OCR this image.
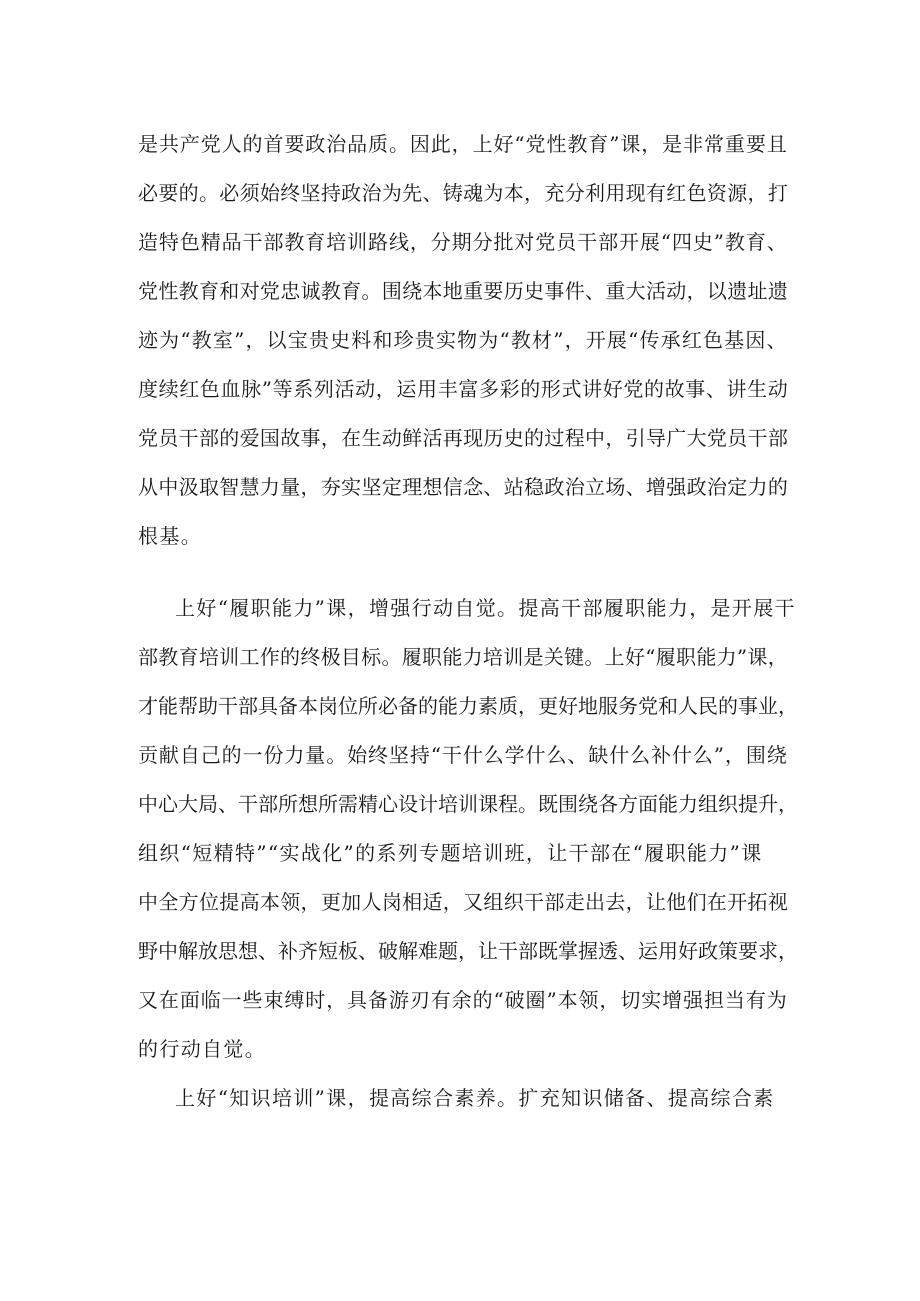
是共产党人的首要政治品质。因此，上好“党性教育”课，是非常重要且
必要的。必须始终坚持政治为先、铸魂为本，充分利用现有红色资源，打
造特色精品干部教育培训路线，分期分批对党员干部开展“四史”教育、
党性教育和对党忠诚教育。围绕本地重要历史事件、重大活动，以遗址遗
迹为“教室”，以宝贵史料和珍贵实物为“教材”，开展“传承红色基因、
度续红色血脉”等系列活动，运用丰富多彩的形式讲好党的故事、讲生动
党员干部的爱国故事，在生动鲜活再现历史的过程中，引导广大党员干部
从中汲取智慧力量，夯实坚定理想信念、站稳政治立场、增强政治定力的
根基。
上好“履职能力”课，增强行动自觉。提高干部履职能力，是开展干
部教育培训工作的终极目标。履职能力培训是关键。上好“履职能力”课，
才能帮助干部具备本岗位所必备的能力素质，更好地服务党和人民的事业，
贡献自己的一份力量。始终坚持“干什么学什么、缺什么补什么”，围绕
中心大局、干部所想所需精心设计培训课程。既围绕各方面能力组织提升，
组织“短精特”“实战化”的系列专题培训班，让干部在“履职能力”课
中全方位提高本领，更加人岗相适，又组织干部走出去，让他们在开拓视
野中解放思想、补齐短板、破解难题，让干部既掌握透、运用好政策要求，
又在面临一些束缚时，具备游刃有余的“破圈”本领，切实增强担当有为
的行动自觉。
上好“知识培训”课，提高综合素养。扩充知识储备、提高综合素
